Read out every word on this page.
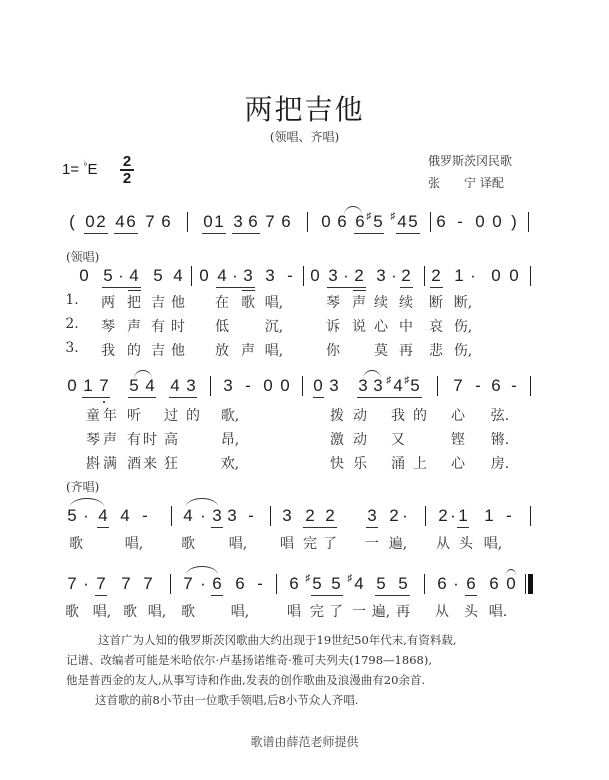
两把吉他
(领唱、齐唱)
$1= ^♭E \frac{2}{2}$	俄罗斯茨冈民歌
张　　宁 译配
( 0 2 4 6 7 6 0 1 3 6 7 6 0 6 6 ♯ 5 ♯ 4 5 6 - 0 0 )
(领唱)
0 5 · 4 5 4 0 4 · 3 3 - 0 3 · 2 3 · 2 2 1 · 0 0
1. 两 把 吉 他 在 歌 唱,	琴 声 续 续 断 断,
2. 琴 声 有 时 低	沉,	诉 说 心 中 哀 伤,
3. 我 的 吉 他 放 声 唱,	你 莫 再 悲 伤,
0 1 7 5 4 4 3 3 - 0 0 0 3 3 3 ♯ 4 ♯ 5 7 - 6 -
童 年 听 过 的 歌,	拨 动 我 的 心 弦.
琴 声 有 时 高	昂,	激 动 又	铿 锵.
斟 满 酒 来 狂	欢,	快 乐 涌 上 心 房.
(齐唱)
5 · 4 4 - 4 · 3 3 - 3 2 2 3 2 · 2 · 1 1 -
歌	唱,	歌 唱, 唱 完 了 一 遍, 从 头 唱,
7 · 7 7 7 7 · 6 6 - 6 ♯ 5 5 ♯ 4 5 5 6 · 6 6 0
歌 唱, 歌 唱, 歌	唱,	唱 完 了 一 遍, 再 从 头 唱.
这首广为人知的俄罗斯茨冈歌曲大约出现于19世纪50年代末,有资料载,
记谱、改编者可能是米哈依尔·卢基扬诺维奇·雅可夫列夫(1798—1868),
他是普西金的友人,从事写诗和作曲,发表的创作歌曲及浪漫曲有20余首.
这首歌的前8小节由一位歌手领唱,后8小节众人齐唱.
歌谱由薛范老师提供
